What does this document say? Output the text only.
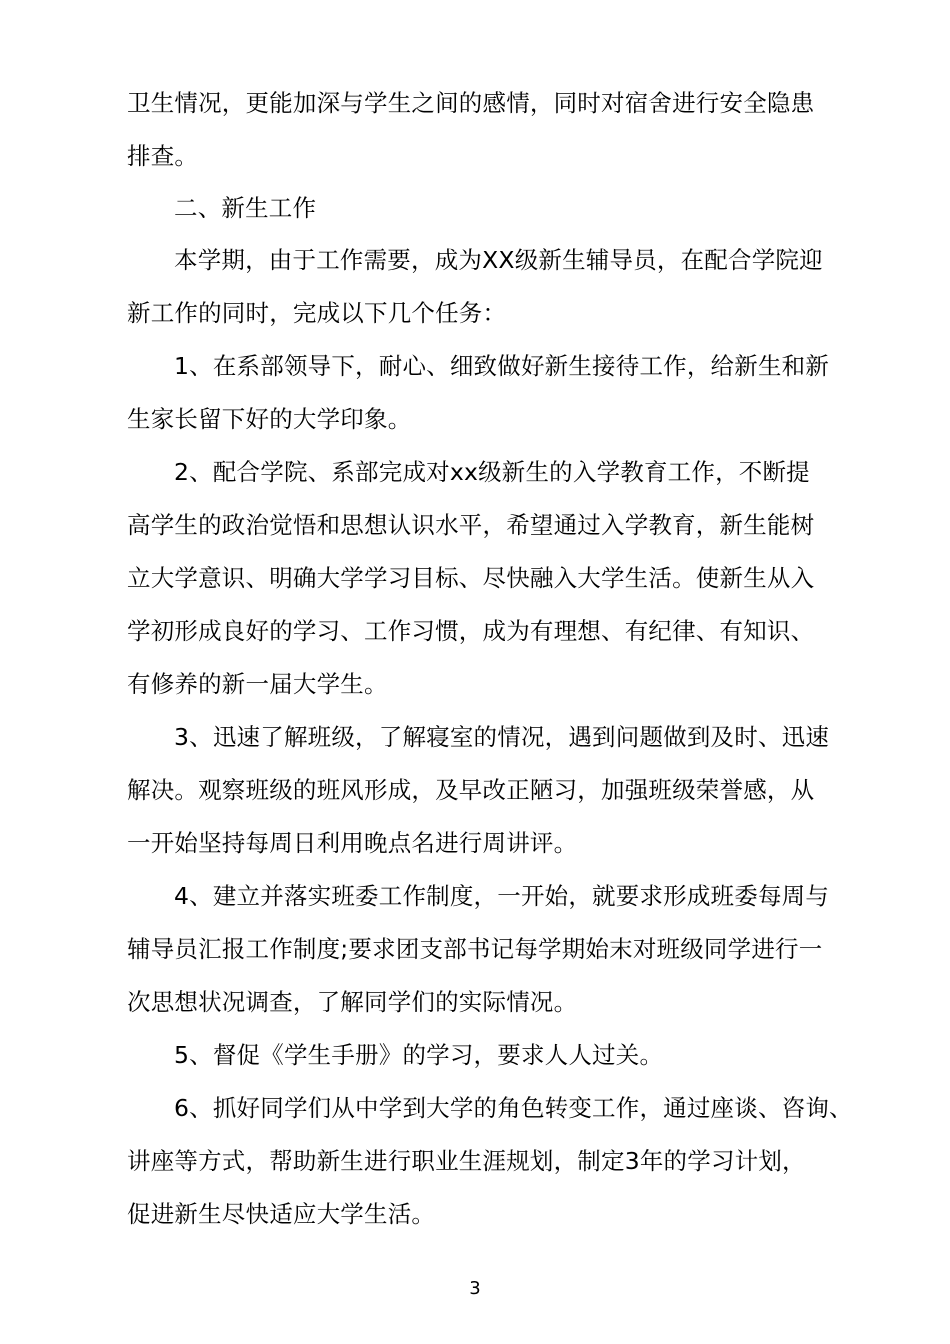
卫生情况，更能加深与学生之间的感情，同时对宿舍进行安全隐患
排查。
二、新生工作
本学期，由于工作需要，成为XX级新生辅导员，在配合学院迎
新工作的同时，完成以下几个任务：
1、在系部领导下，耐心、细致做好新生接待工作，给新生和新
生家长留下好的大学印象。
2、配合学院、系部完成对xx级新生的入学教育工作，不断提
高学生的政治觉悟和思想认识水平，希望通过入学教育，新生能树
立大学意识、明确大学学习目标、尽快融入大学生活。使新生从入
学初形成良好的学习、工作习惯，成为有理想、有纪律、有知识、
有修养的新一届大学生。
3、迅速了解班级，了解寝室的情况，遇到问题做到及时、迅速
解决。观察班级的班风形成，及早改正陋习，加强班级荣誉感，从
一开始坚持每周日利用晚点名进行周讲评。
4、建立并落实班委工作制度，一开始，就要求形成班委每周与
辅导员汇报工作制度;要求团支部书记每学期始末对班级同学进行一
次思想状况调查，了解同学们的实际情况。
5、督促《学生手册》的学习，要求人人过关。
6、抓好同学们从中学到大学的角色转变工作，通过座谈、咨询、
讲座等方式，帮助新生进行职业生涯规划，制定3年的学习计划，
促进新生尽快适应大学生活。
3
